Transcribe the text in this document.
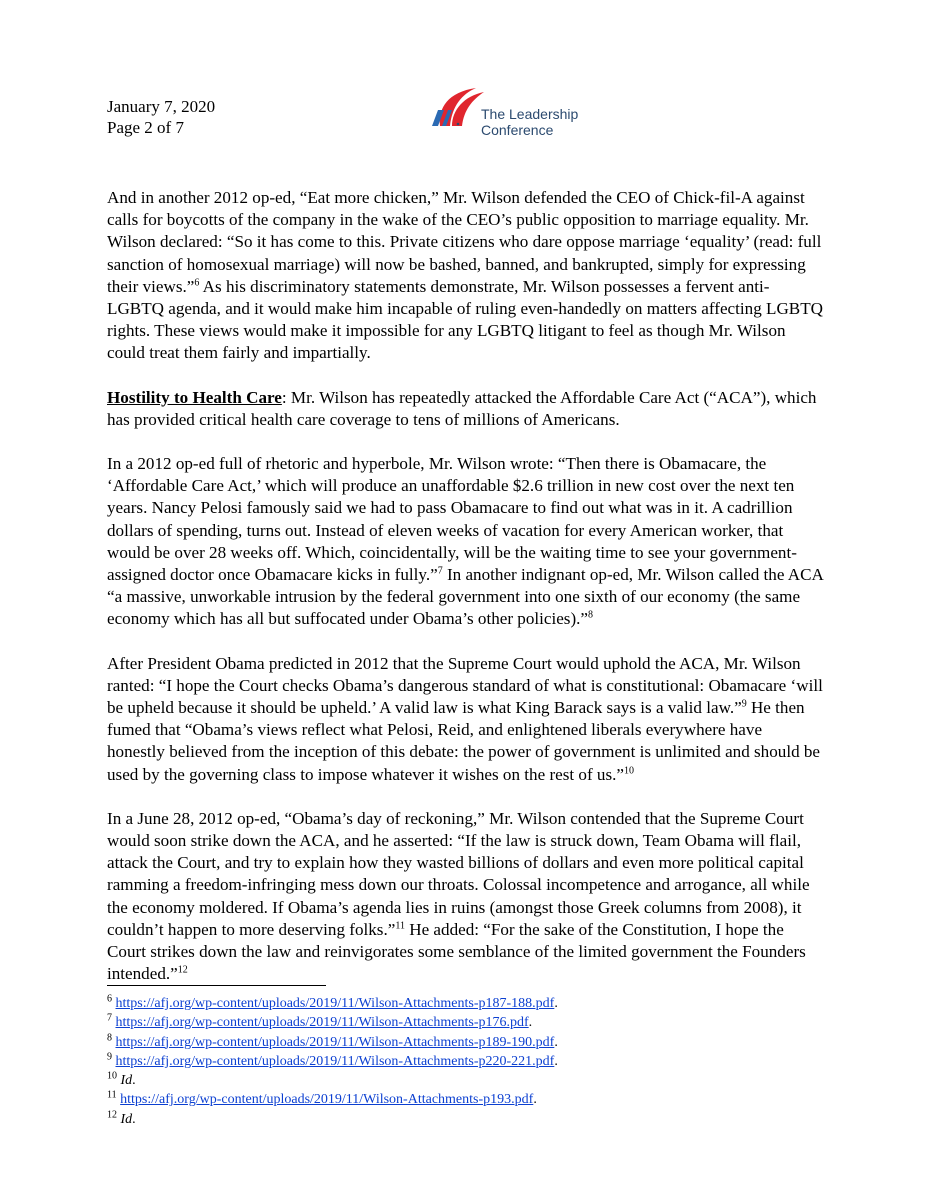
January 7, 2020
Page 2 of 7
The Leadership
Conference

And in another 2012 op-ed, “Eat more chicken,” Mr. Wilson defended the CEO of Chick-fil-A against calls for boycotts of the company in the wake of the CEO’s public opposition to marriage equality. Mr. Wilson declared: “So it has come to this. Private citizens who dare oppose marriage ‘equality’ (read: full sanction of homosexual marriage) will now be bashed, banned, and bankrupted, simply for expressing their views.”$^6$ As his discriminatory statements demonstrate, Mr. Wilson possesses a fervent anti-LGBTQ agenda, and it would make him incapable of ruling even-handedly on matters affecting LGBTQ rights. These views would make it impossible for any LGBTQ litigant to feel as though Mr. Wilson could treat them fairly and impartially.

Hostility to Health Care: Mr. Wilson has repeatedly attacked the Affordable Care Act (“ACA”), which has provided critical health care coverage to tens of millions of Americans.

In a 2012 op-ed full of rhetoric and hyperbole, Mr. Wilson wrote: “Then there is Obamacare, the ‘Affordable Care Act,’ which will produce an unaffordable $2.6 trillion in new cost over the next ten years. Nancy Pelosi famously said we had to pass Obamacare to find out what was in it. A cadrillion dollars of spending, turns out. Instead of eleven weeks of vacation for every American worker, that would be over 28 weeks off. Which, coincidentally, will be the waiting time to see your government-assigned doctor once Obamacare kicks in fully.”$^7$ In another indignant op-ed, Mr. Wilson called the ACA “a massive, unworkable intrusion by the federal government into one sixth of our economy (the same economy which has all but suffocated under Obama’s other policies).”$^8$

After President Obama predicted in 2012 that the Supreme Court would uphold the ACA, Mr. Wilson ranted: “I hope the Court checks Obama’s dangerous standard of what is constitutional: Obamacare ‘will be upheld because it should be upheld.’ A valid law is what King Barack says is a valid law.”$^9$ He then fumed that “Obama’s views reflect what Pelosi, Reid, and enlightened liberals everywhere have honestly believed from the inception of this debate: the power of government is unlimited and should be used by the governing class to impose whatever it wishes on the rest of us.”$^{10}$

In a June 28, 2012 op-ed, “Obama’s day of reckoning,” Mr. Wilson contended that the Supreme Court would soon strike down the ACA, and he asserted: “If the law is struck down, Team Obama will flail, attack the Court, and try to explain how they wasted billions of dollars and even more political capital ramming a freedom-infringing mess down our throats. Colossal incompetence and arrogance, all while the economy moldered. If Obama’s agenda lies in ruins (amongst those Greek columns from 2008), it couldn’t happen to more deserving folks.”$^{11}$ He added: “For the sake of the Constitution, I hope the Court strikes down the law and reinvigorates some semblance of the limited government the Founders intended.”$^{12}$

$^6$ https://afj.org/wp-content/uploads/2019/11/Wilson-Attachments-p187-188.pdf.
$^7$ https://afj.org/wp-content/uploads/2019/11/Wilson-Attachments-p176.pdf.
$^8$ https://afj.org/wp-content/uploads/2019/11/Wilson-Attachments-p189-190.pdf.
$^9$ https://afj.org/wp-content/uploads/2019/11/Wilson-Attachments-p220-221.pdf.
$^{10}$ Id.
$^{11}$ https://afj.org/wp-content/uploads/2019/11/Wilson-Attachments-p193.pdf.
$^{12}$ Id.
